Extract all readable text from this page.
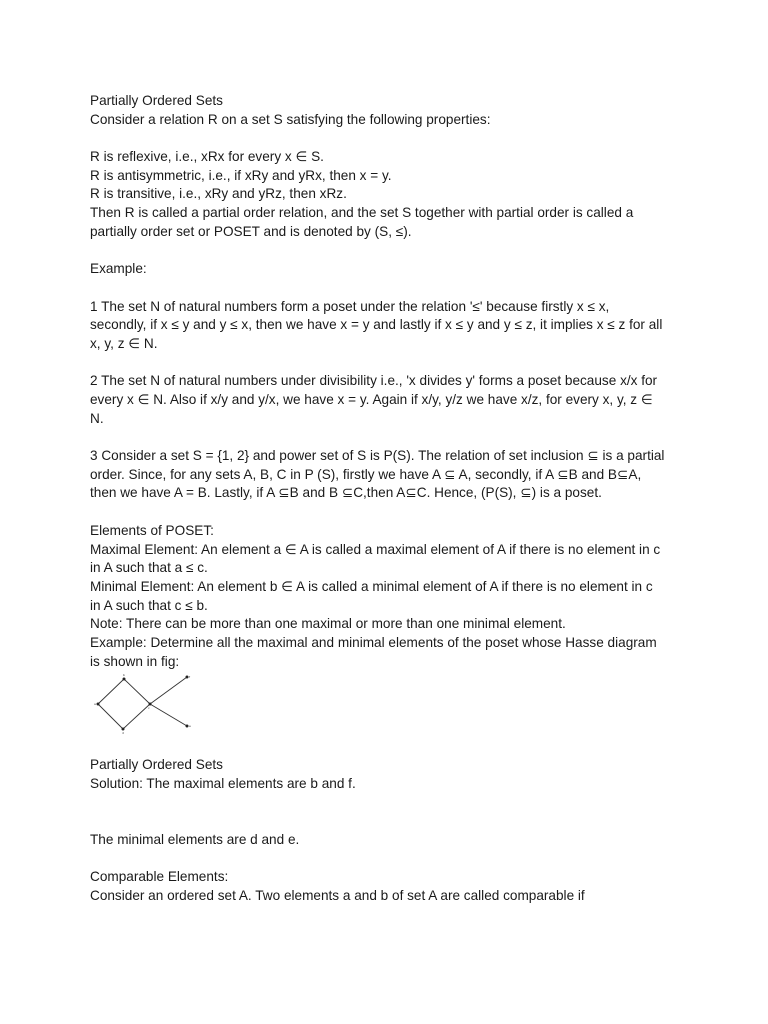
Partially Ordered Sets
Consider a relation R on a set S satisfying the following properties:
R is reflexive, i.e., xRx for every x ∈ S.
R is antisymmetric, i.e., if xRy and yRx, then x = y.
R is transitive, i.e., xRy and yRz, then xRz.
Then R is called a partial order relation, and the set S together with partial order is called a
partially order set or POSET and is denoted by (S, ≤).
Example:
1 The set N of natural numbers form a poset under the relation '≤' because firstly x ≤ x,
secondly, if x ≤ y and y ≤ x, then we have x = y and lastly if x ≤ y and y ≤ z, it implies x ≤ z for all
x, y, z ∈ N.
2 The set N of natural numbers under divisibility i.e., 'x divides y' forms a poset because x/x for
every x ∈ N. Also if x/y and y/x, we have x = y. Again if x/y, y/z we have x/z, for every x, y, z ∈
N.
3 Consider a set S = {1, 2} and power set of S is P(S). The relation of set inclusion ⊆ is a partial
order. Since, for any sets A, B, C in P (S), firstly we have A ⊆ A, secondly, if A ⊆B and B⊆A,
then we have A = B. Lastly, if A ⊆B and B ⊆C,then A⊆C. Hence, (P(S), ⊆) is a poset.
Elements of POSET:
Maximal Element: An element a ∈ A is called a maximal element of A if there is no element in c
in A such that a ≤ c.
Minimal Element: An element b ∈ A is called a minimal element of A if there is no element in c
in A such that c ≤ b.
Note: There can be more than one maximal or more than one minimal element.
Example: Determine all the maximal and minimal elements of the poset whose Hasse diagram
is shown in fig:
b
a
c
d
f
e
Partially Ordered Sets
Solution: The maximal elements are b and f.
The minimal elements are d and e.
Comparable Elements:
Consider an ordered set A. Two elements a and b of set A are called comparable if
